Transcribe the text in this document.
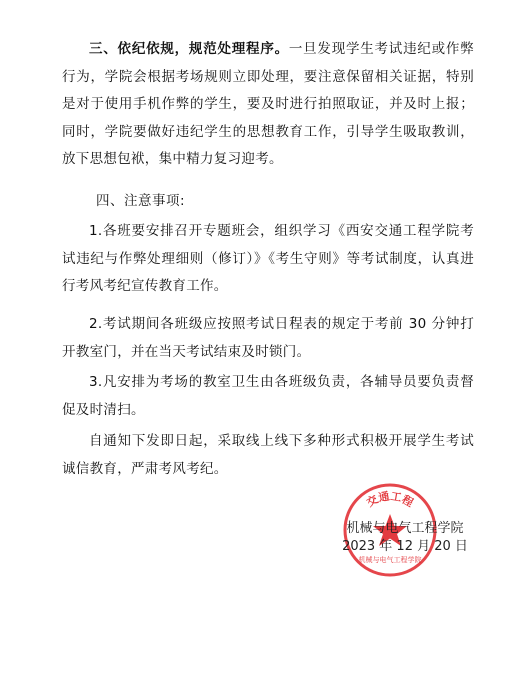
三、依纪依规，规范处理程序。一旦发现学生考试违纪或作弊行为，学院会根据考场规则立即处理，要注意保留相关证据，特别是对于使用手机作弊的学生，要及时进行拍照取证，并及时上报；同时，学院要做好违纪学生的思想教育工作，引导学生吸取教训，放下思想包袱，集中精力复习迎考。

四、注意事项:

1.各班要安排召开专题班会，组织学习《西安交通工程学院考试违纪与作弊处理细则（修订）》《考生守则》等考试制度，认真进行考风考纪宣传教育工作。

2.考试期间各班级应按照考试日程表的规定于考前 30 分钟打开教室门，并在当天考试结束及时锁门。

3.凡安排为考场的教室卫生由各班级负责，各辅导员要负责督促及时清扫。

自通知下发即日起，采取线上线下多种形式积极开展学生考试诚信教育，严肃考风考纪。

交通工程
机械与电气工程学院
机械与电气工程学院
2023 年 12 月 20 日
